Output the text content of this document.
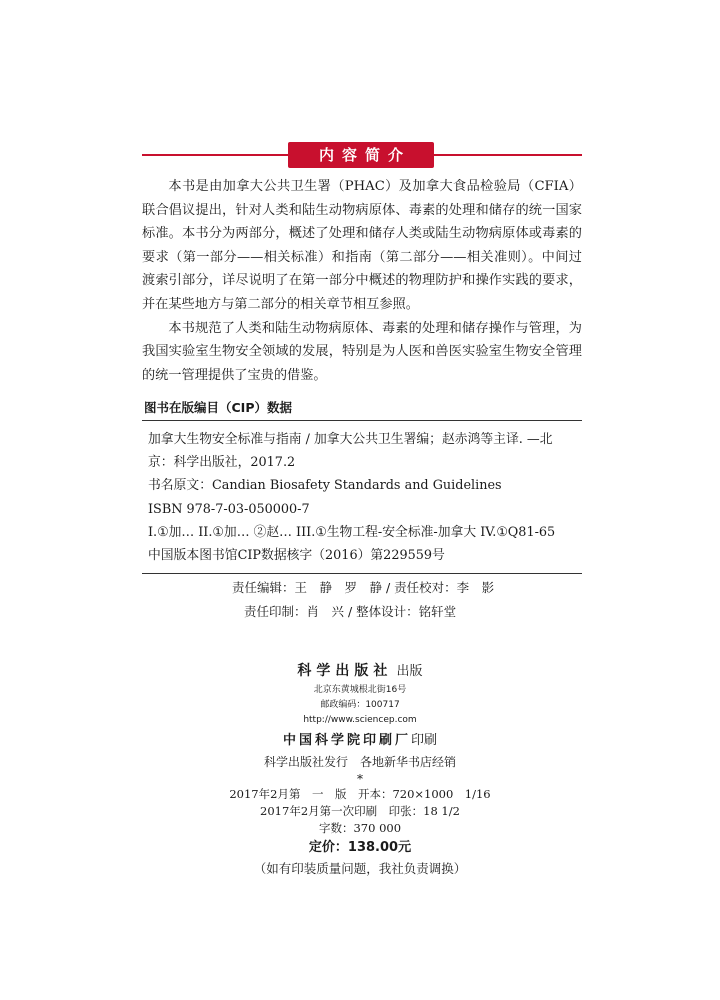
内容简介

本书是由加拿大公共卫生署（PHAC）及加拿大食品检验局（CFIA）联合倡议提出，针对人类和陆生动物病原体、毒素的处理和储存的统一国家标准。本书分为两部分，概述了处理和储存人类或陆生动物病原体或毒素的要求（第一部分——相关标准）和指南（第二部分——相关准则）。中间过渡索引部分，详尽说明了在第一部分中概述的物理防护和操作实践的要求，并在某些地方与第二部分的相关章节相互参照。

本书规范了人类和陆生动物病原体、毒素的处理和储存操作与管理，为我国实验室生物安全领域的发展，特别是为人医和兽医实验室生物安全管理的统一管理提供了宝贵的借鉴。

图书在版编目（CIP）数据
加拿大生物安全标准与指南 / 加拿大公共卫生署编；赵赤鸿等主译. —北
京：科学出版社，2017.2
书名原文：Candian Biosafety Standards and Guidelines
ISBN 978-7-03-050000-7
I.①加… II.①加… ②赵… III.①生物工程-安全标准-加拿大 IV.①Q81-65
中国版本图书馆CIP数据核字（2016）第229559号
责任编辑：王　静　罗　静 / 责任校对：李　影
责任印制：肖　兴 / 整体设计：铭轩堂
科学出版社 出版
北京东黄城根北街16号
邮政编码：100717
http://www.sciencep.com
中国科学院印刷厂印刷
科学出版社发行　各地新华书店经销
*
2017年2月第　一　版　开本：720×1000　1/16
2017年2月第一次印刷　印张：18 1/2
字数：370 000
定价：138.00元
（如有印装质量问题，我社负责调换）
